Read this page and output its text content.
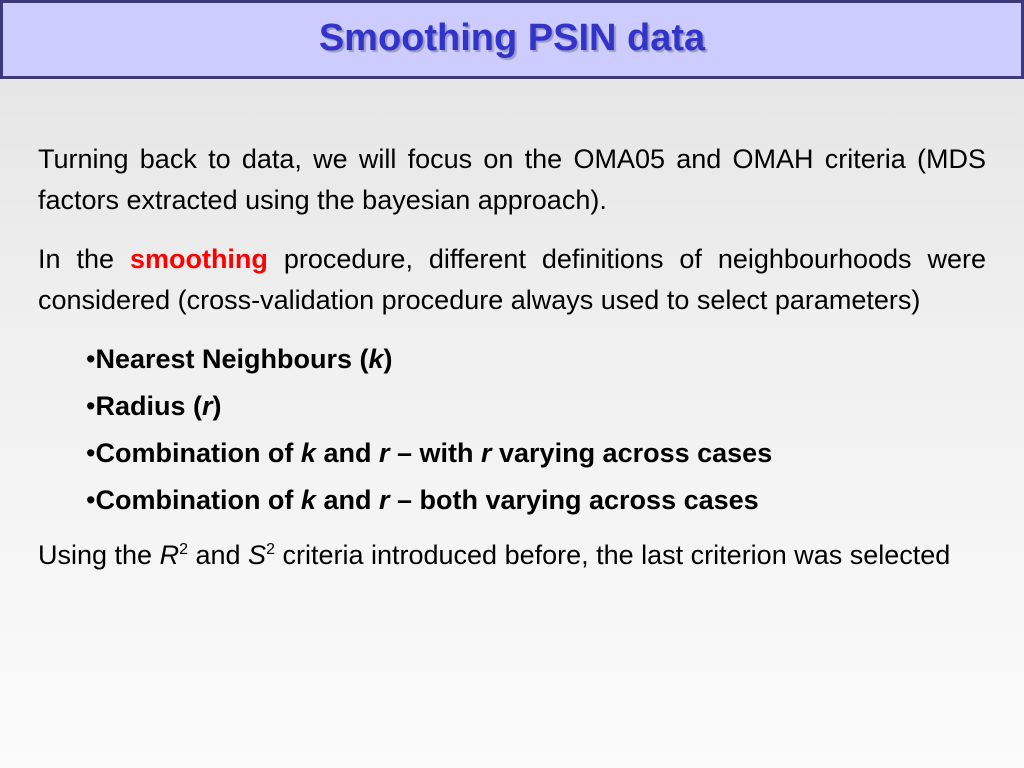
Smoothing PSIN data

Turning back to data, we will focus on the OMA05 and OMAH criteria (MDS factors extracted using the bayesian approach).

In the smoothing procedure, different definitions of neighbourhoods were considered (cross-validation procedure always used to select parameters)

•Nearest Neighbours (k)
•Radius (r)
•Combination of k and r – with r varying across cases
•Combination of k and r – both varying across cases

Using the $R^2$ and $S^2$ criteria introduced before, the last criterion was selected
